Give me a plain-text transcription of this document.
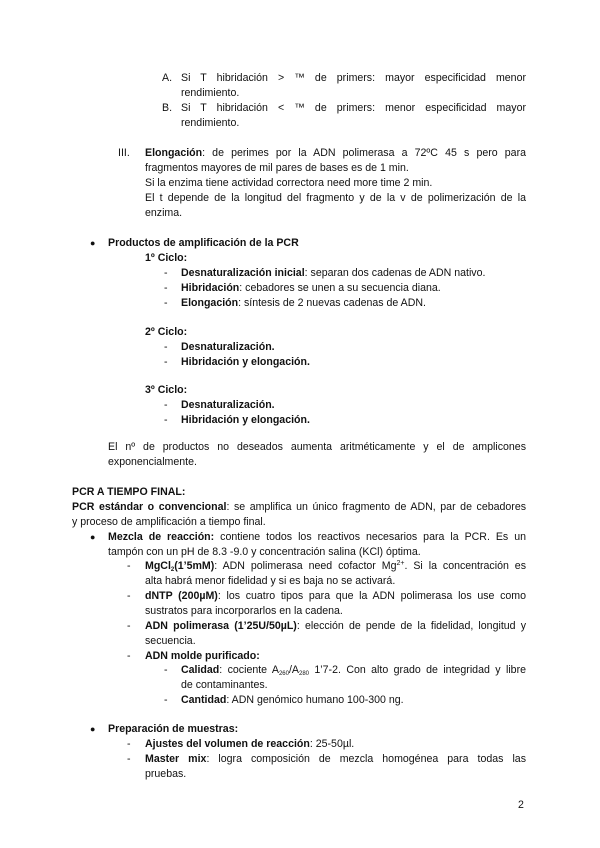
A. Si T hibridación > ™ de primers: mayor especificidad menor
rendimiento.
B. Si T hibridación < ™ de primers: menor especificidad mayor
rendimiento.
III. Elongación: de perimes por la ADN polimerasa a 72ºC 45 s pero para
fragmentos mayores de mil pares de bases es de 1 min.
Si la enzima tiene actividad correctora need more time 2 min.
El t depende de la longitud del fragmento y de la v de polimerización de la
enzima.
● Productos de amplificación de la PCR
1º Ciclo:
- Desnaturalización inicial: separan dos cadenas de ADN nativo.
- Hibridación: cebadores se unen a su secuencia diana.
- Elongación: síntesis de 2 nuevas cadenas de ADN.
2º Ciclo:
- Desnaturalización.
- Hibridación y elongación.
3º Ciclo:
- Desnaturalización.
- Hibridación y elongación.
El nº de productos no deseados aumenta aritméticamente y el de amplicones
exponencialmente.
PCR A TIEMPO FINAL:
PCR estándar o convencional: se amplifica un único fragmento de ADN, par de cebadores
y proceso de amplificación a tiempo final.
● Mezcla de reacción: contiene todos los reactivos necesarios para la PCR. Es un
tampón con un pH de 8.3 -9.0 y concentración salina (KCl) óptima.
- MgCl$_2$(1’5mM): ADN polimerasa need cofactor $Mg^{2+}$. Si la concentración es
alta habrá menor fidelidad y si es baja no se activará.
- dNTP (200µM): los cuatro tipos para que la ADN polimerasa los use como
sustratos para incorporarlos en la cadena.
- ADN polimerasa (1’25U/50µL): elección de pende de la fidelidad, longitud y
secuencia.
- ADN molde purificado:
- Calidad: cociente $A_{260}/A_{280}$ 1’7-2. Con alto grado de integridad y libre
de contaminantes.
- Cantidad: ADN genómico humano 100-300 ng.
● Preparación de muestras:
- Ajustes del volumen de reacción: 25-50µl.
- Master mix: logra composición de mezcla homogénea para todas las
pruebas.
2
